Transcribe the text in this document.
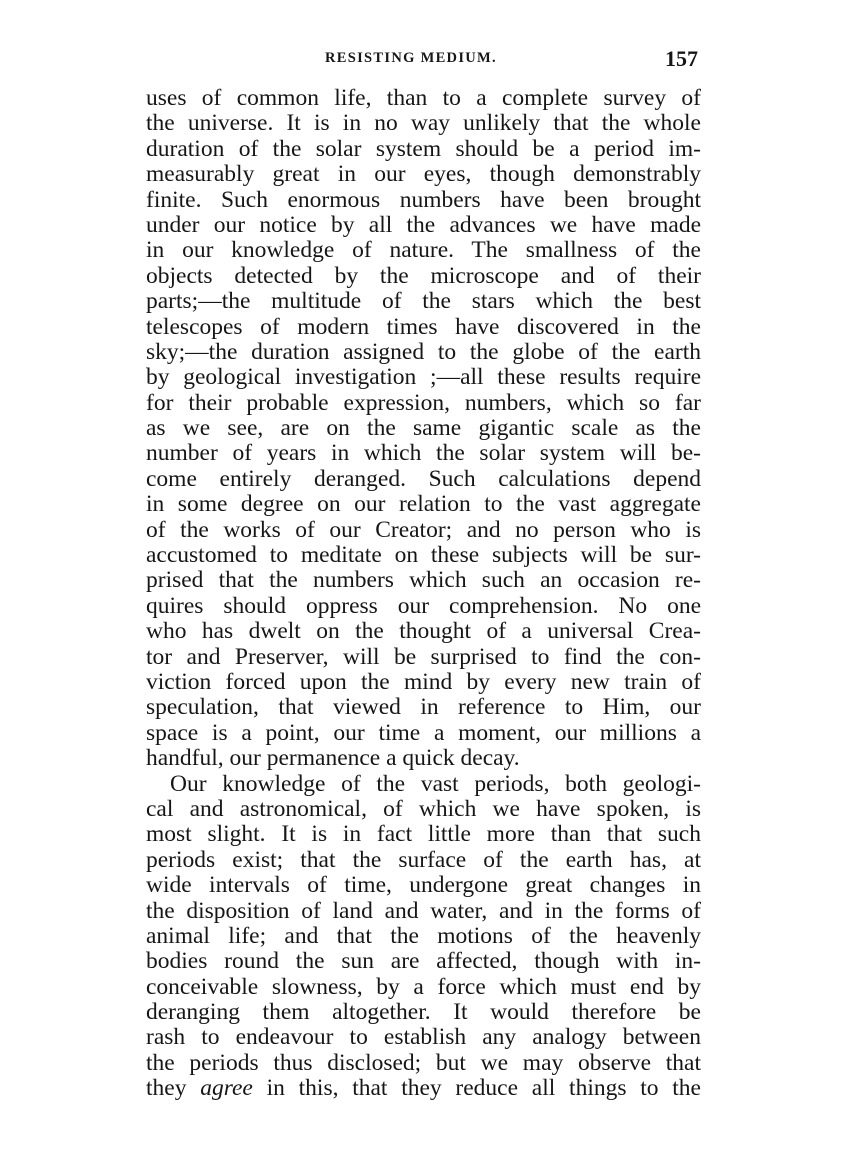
RESISTING MEDIUM.	157
uses of common life, than to a complete survey of
the universe. It is in no way unlikely that the whole
duration of the solar system should be a period im-
measurably great in our eyes, though demonstrably
finite. Such enormous numbers have been brought
under our notice by all the advances we have made
in our knowledge of nature. The smallness of the
objects detected by the microscope and of their
parts;—the multitude of the stars which the best
telescopes of modern times have discovered in the
sky;—the duration assigned to the globe of the earth
by geological investigation ;—all these results require
for their probable expression, numbers, which so far
as we see, are on the same gigantic scale as the
number of years in which the solar system will be-
come entirely deranged. Such calculations depend
in some degree on our relation to the vast aggregate
of the works of our Creator; and no person who is
accustomed to meditate on these subjects will be sur-
prised that the numbers which such an occasion re-
quires should oppress our comprehension. No one
who has dwelt on the thought of a universal Crea-
tor and Preserver, will be surprised to find the con-
viction forced upon the mind by every new train of
speculation, that viewed in reference to Him, our
space is a point, our time a moment, our millions a
handful, our permanence a quick decay.
Our knowledge of the vast periods, both geologi-
cal and astronomical, of which we have spoken, is
most slight. It is in fact little more than that such
periods exist; that the surface of the earth has, at
wide intervals of time, undergone great changes in
the disposition of land and water, and in the forms of
animal life; and that the motions of the heavenly
bodies round the sun are affected, though with in-
conceivable slowness, by a force which must end by
deranging them altogether. It would therefore be
rash to endeavour to establish any analogy between
the periods thus disclosed; but we may observe that
they agree in this, that they reduce all things to the
